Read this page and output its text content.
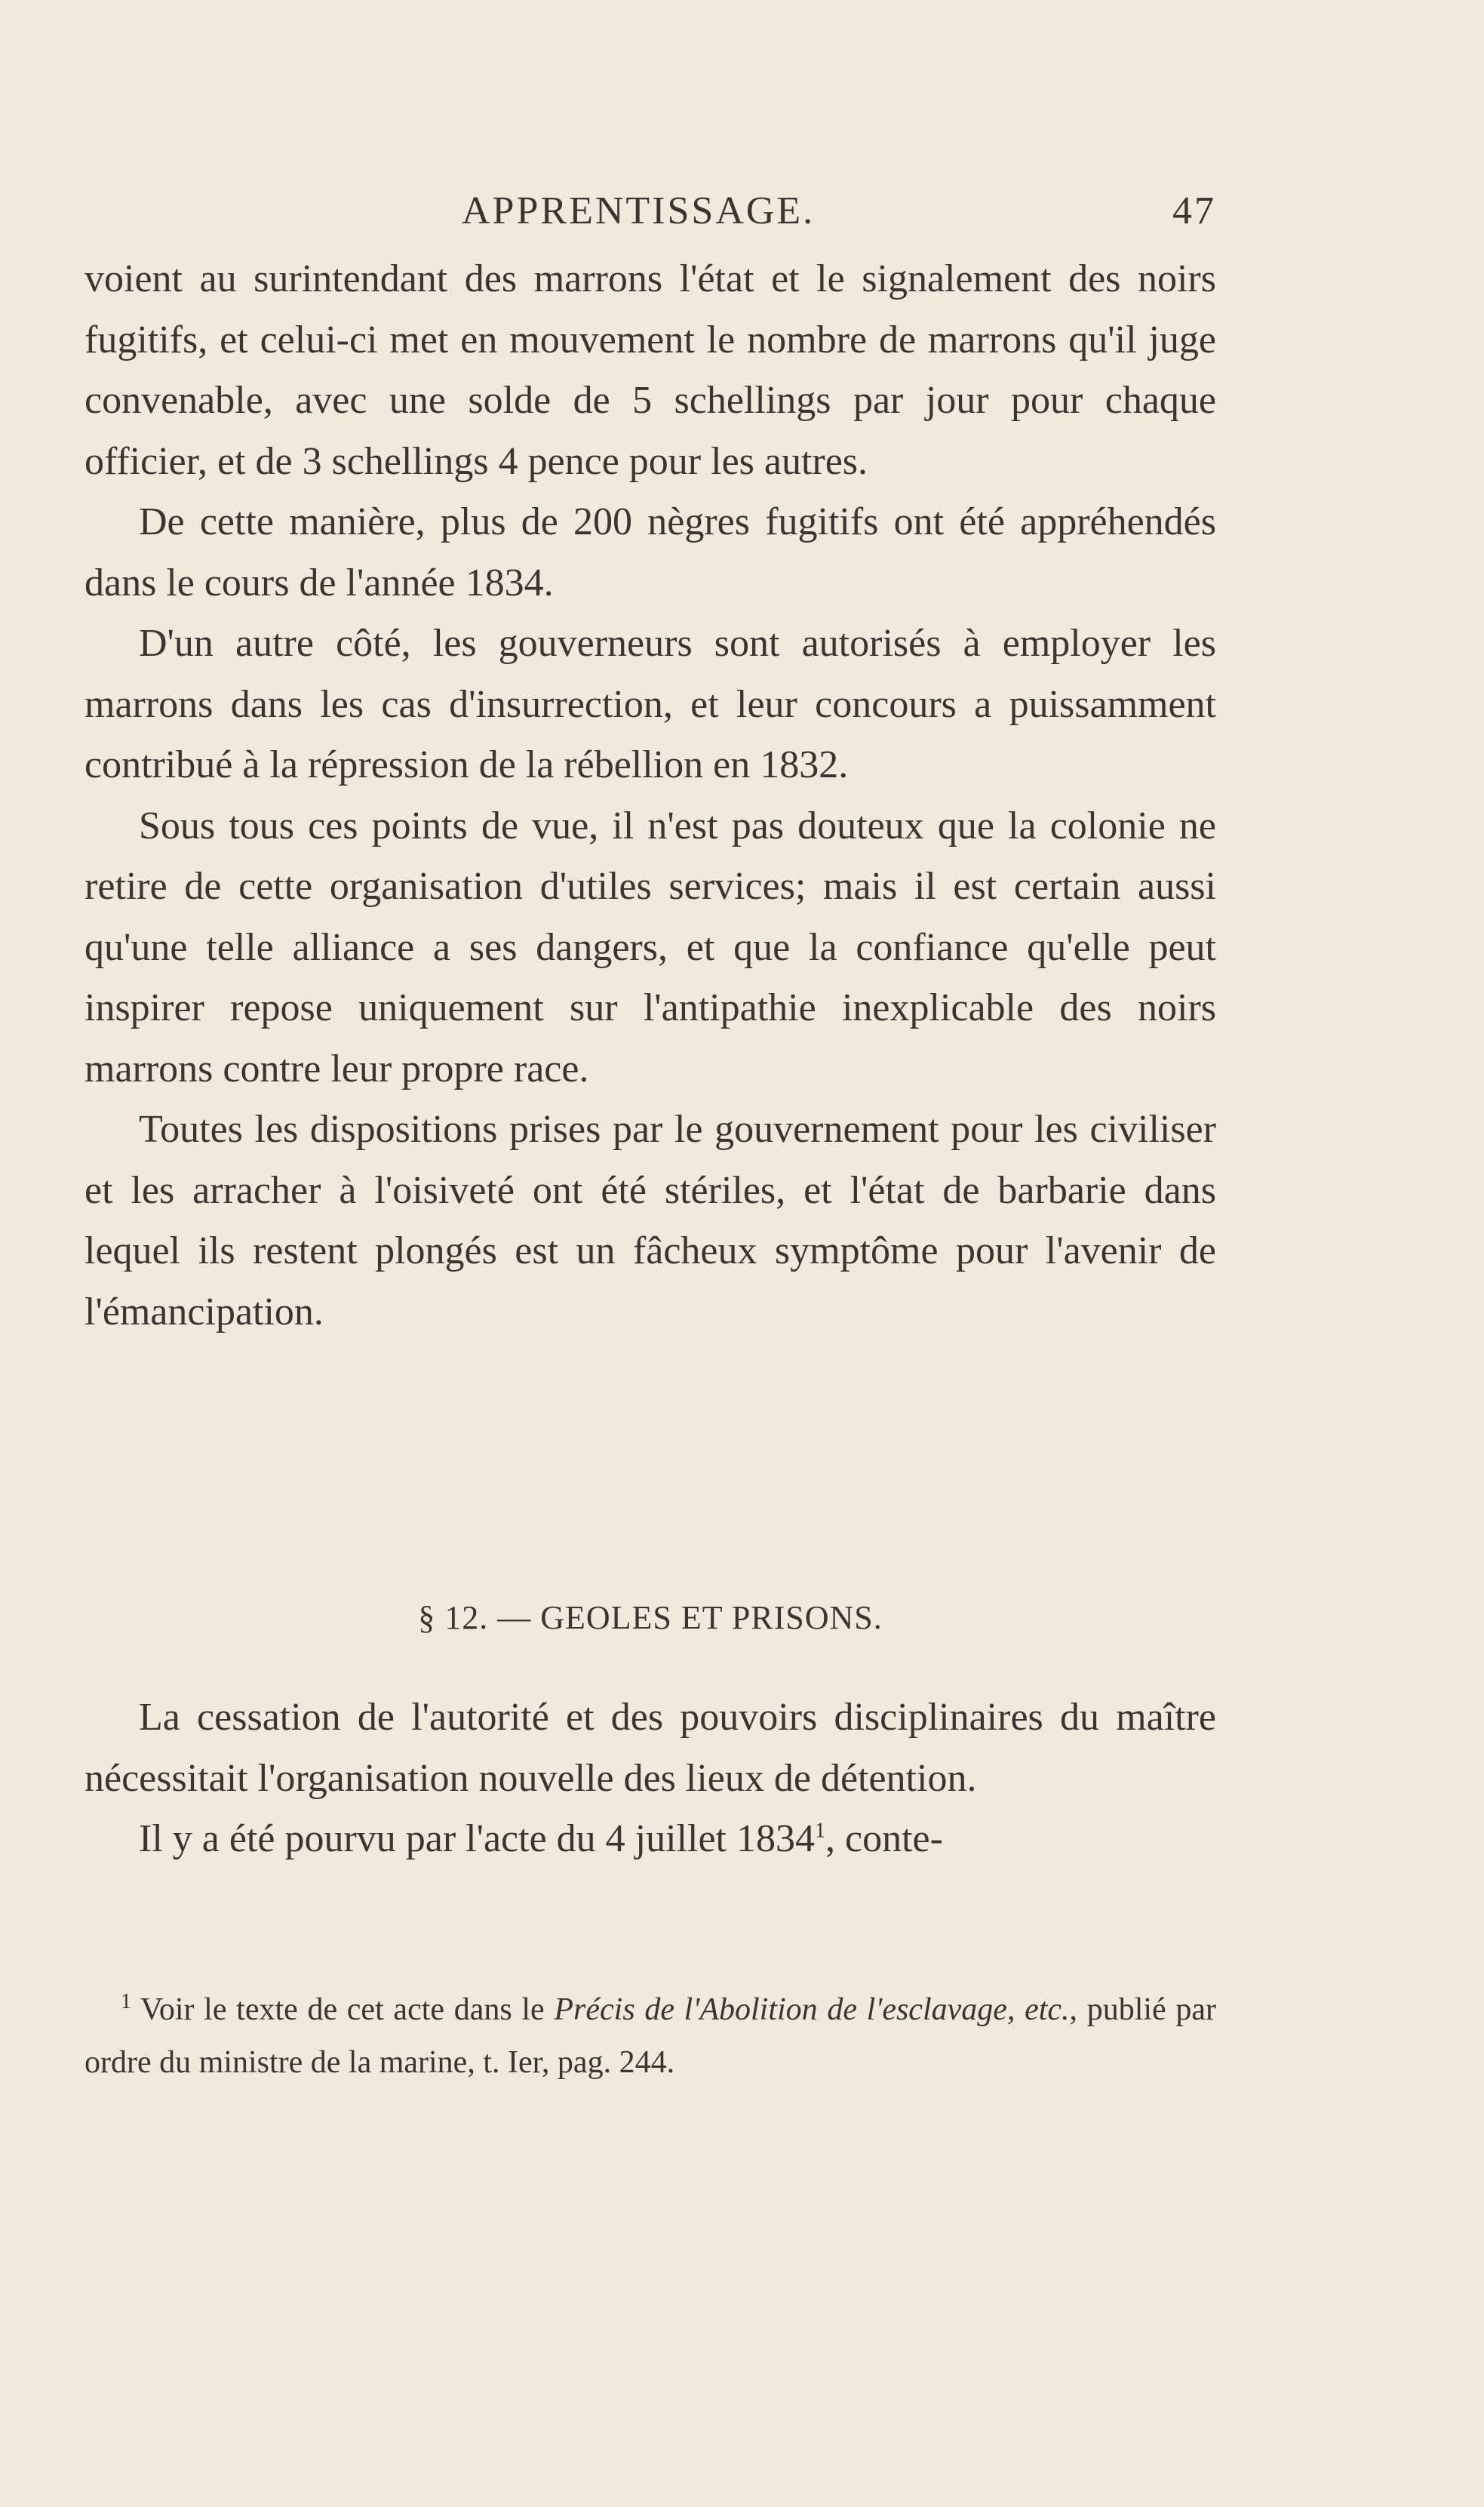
APPRENTISSAGE.	47

voient au surintendant des marrons l'état et le signalement des noirs fugitifs, et celui-ci met en mouvement le nombre de marrons qu'il juge convenable, avec une solde de 5 schellings par jour pour chaque officier, et de 3 schellings 4 pence pour les autres.

De cette manière, plus de 200 nègres fugitifs ont été appréhendés dans le cours de l'année 1834.

D'un autre côté, les gouverneurs sont autorisés à employer les marrons dans les cas d'insurrection, et leur concours a puissamment contribué à la répression de la rébellion en 1832.

Sous tous ces points de vue, il n'est pas douteux que la colonie ne retire de cette organisation d'utiles services; mais il est certain aussi qu'une telle alliance a ses dangers, et que la confiance qu'elle peut inspirer repose uniquement sur l'antipathie inexplicable des noirs marrons contre leur propre race.

Toutes les dispositions prises par le gouvernement pour les civiliser et les arracher à l'oisiveté ont été stériles, et l'état de barbarie dans lequel ils restent plongés est un fâcheux symptôme pour l'avenir de l'émancipation.

§ 12. — GEOLES ET PRISONS.

La cessation de l'autorité et des pouvoirs disciplinaires du maître nécessitait l'organisation nouvelle des lieux de détention.

Il y a été pourvu par l'acte du 4 juillet 1834$^1$, conte-

$^1$ Voir le texte de cet acte dans le Précis de l'Abolition de l'esclavage, etc., publié par ordre du ministre de la marine, t. Ier, pag. 244.
